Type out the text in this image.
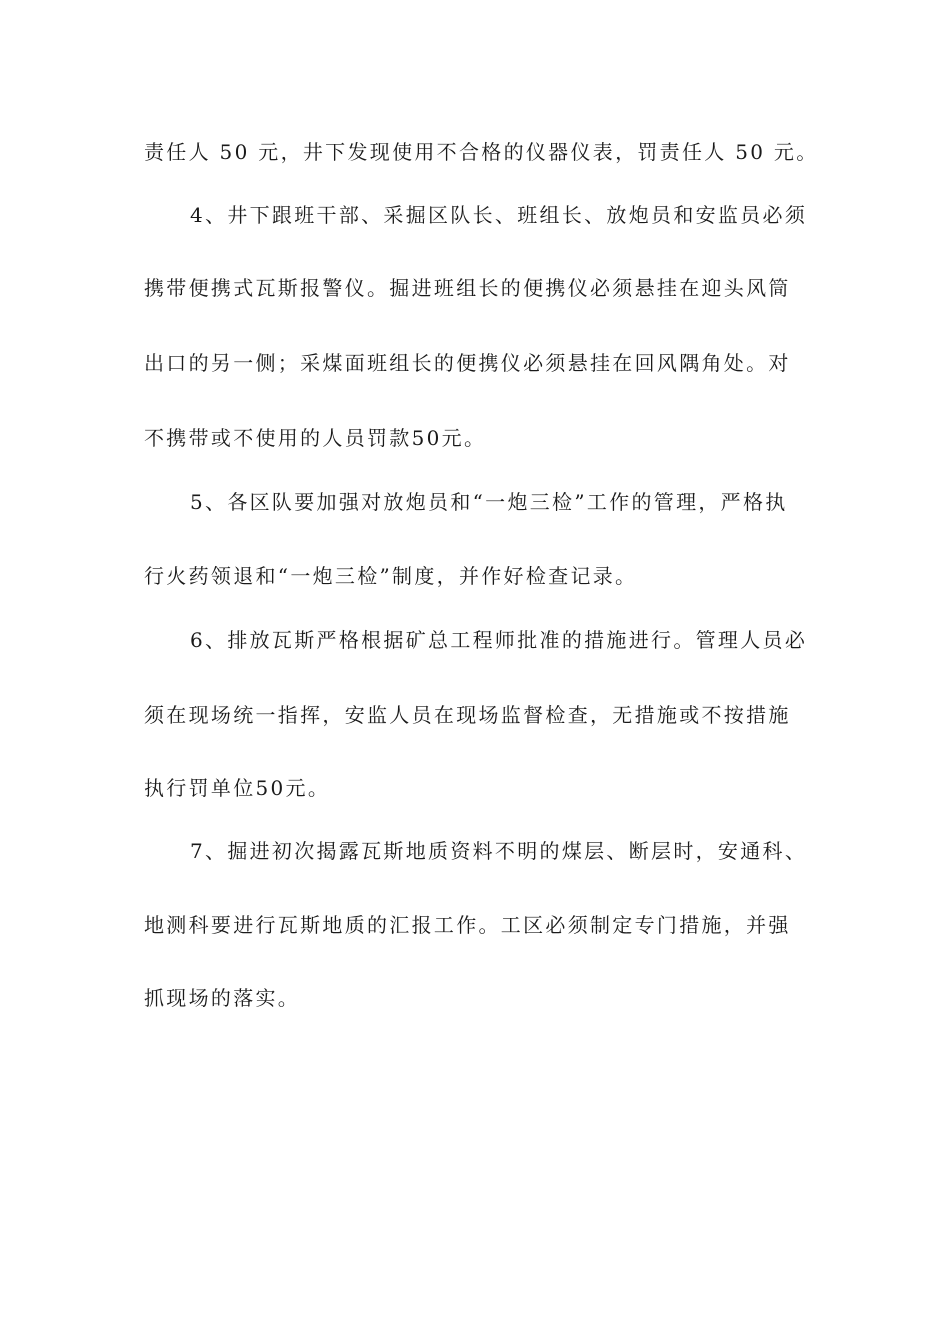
责任人 50 元，井下发现使用不合格的仪器仪表，罚责任人 50 元。
4、井下跟班干部、采掘区队长、班组长、放炮员和安监员必须
携带便携式瓦斯报警仪。掘进班组长的便携仪必须悬挂在迎头风筒
出口的另一侧；采煤面班组长的便携仪必须悬挂在回风隅角处。对
不携带或不使用的人员罚款50元。
5、各区队要加强对放炮员和“一炮三检”工作的管理，严格执
行火药领退和“一炮三检”制度，并作好检查记录。
6、排放瓦斯严格根据矿总工程师批准的措施进行。管理人员必
须在现场统一指挥，安监人员在现场监督检查，无措施或不按措施
执行罚单位50元。
7、掘进初次揭露瓦斯地质资料不明的煤层、断层时，安通科、
地测科要进行瓦斯地质的汇报工作。工区必须制定专门措施，并强
抓现场的落实。
